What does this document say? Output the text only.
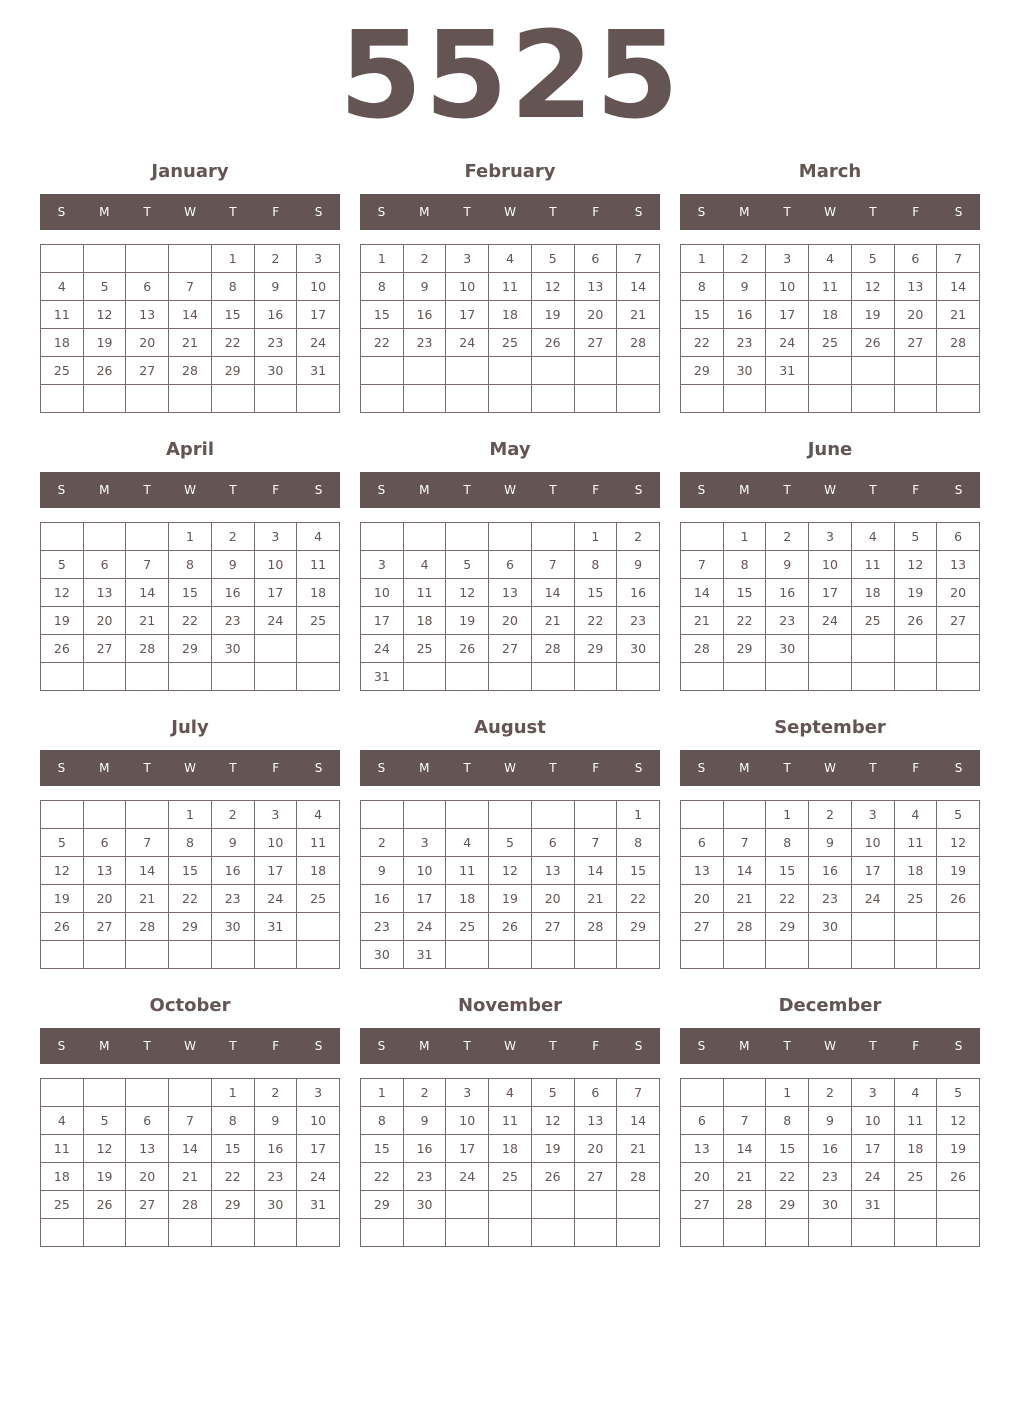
5525
January
S	M	T	W	T	F	S
				1	2	3
4	5	6	7	8	9	10
11	12	13	14	15	16	17
18	19	20	21	22	23	24
25	26	27	28	29	30	31

February
S	M	T	W	T	F	S
1	2	3	4	5	6	7
8	9	10	11	12	13	14
15	16	17	18	19	20	21
22	23	24	25	26	27	28

March
S	M	T	W	T	F	S
1	2	3	4	5	6	7
8	9	10	11	12	13	14
15	16	17	18	19	20	21
22	23	24	25	26	27	28
29	30	31				

April
S	M	T	W	T	F	S
			1	2	3	4
5	6	7	8	9	10	11
12	13	14	15	16	17	18
19	20	21	22	23	24	25
26	27	28	29	30		

May
S	M	T	W	T	F	S
					1	2
3	4	5	6	7	8	9
10	11	12	13	14	15	16
17	18	19	20	21	22	23
24	25	26	27	28	29	30
31						
June
S	M	T	W	T	F	S
	1	2	3	4	5	6
7	8	9	10	11	12	13
14	15	16	17	18	19	20
21	22	23	24	25	26	27
28	29	30				

July
S	M	T	W	T	F	S
			1	2	3	4
5	6	7	8	9	10	11
12	13	14	15	16	17	18
19	20	21	22	23	24	25
26	27	28	29	30	31	

August
S	M	T	W	T	F	S
						1
2	3	4	5	6	7	8
9	10	11	12	13	14	15
16	17	18	19	20	21	22
23	24	25	26	27	28	29
30	31					
September
S	M	T	W	T	F	S
		1	2	3	4	5
6	7	8	9	10	11	12
13	14	15	16	17	18	19
20	21	22	23	24	25	26
27	28	29	30			

October
S	M	T	W	T	F	S
				1	2	3
4	5	6	7	8	9	10
11	12	13	14	15	16	17
18	19	20	21	22	23	24
25	26	27	28	29	30	31

November
S	M	T	W	T	F	S
1	2	3	4	5	6	7
8	9	10	11	12	13	14
15	16	17	18	19	20	21
22	23	24	25	26	27	28
29	30					

December
S	M	T	W	T	F	S
		1	2	3	4	5
6	7	8	9	10	11	12
13	14	15	16	17	18	19
20	21	22	23	24	25	26
27	28	29	30	31		
